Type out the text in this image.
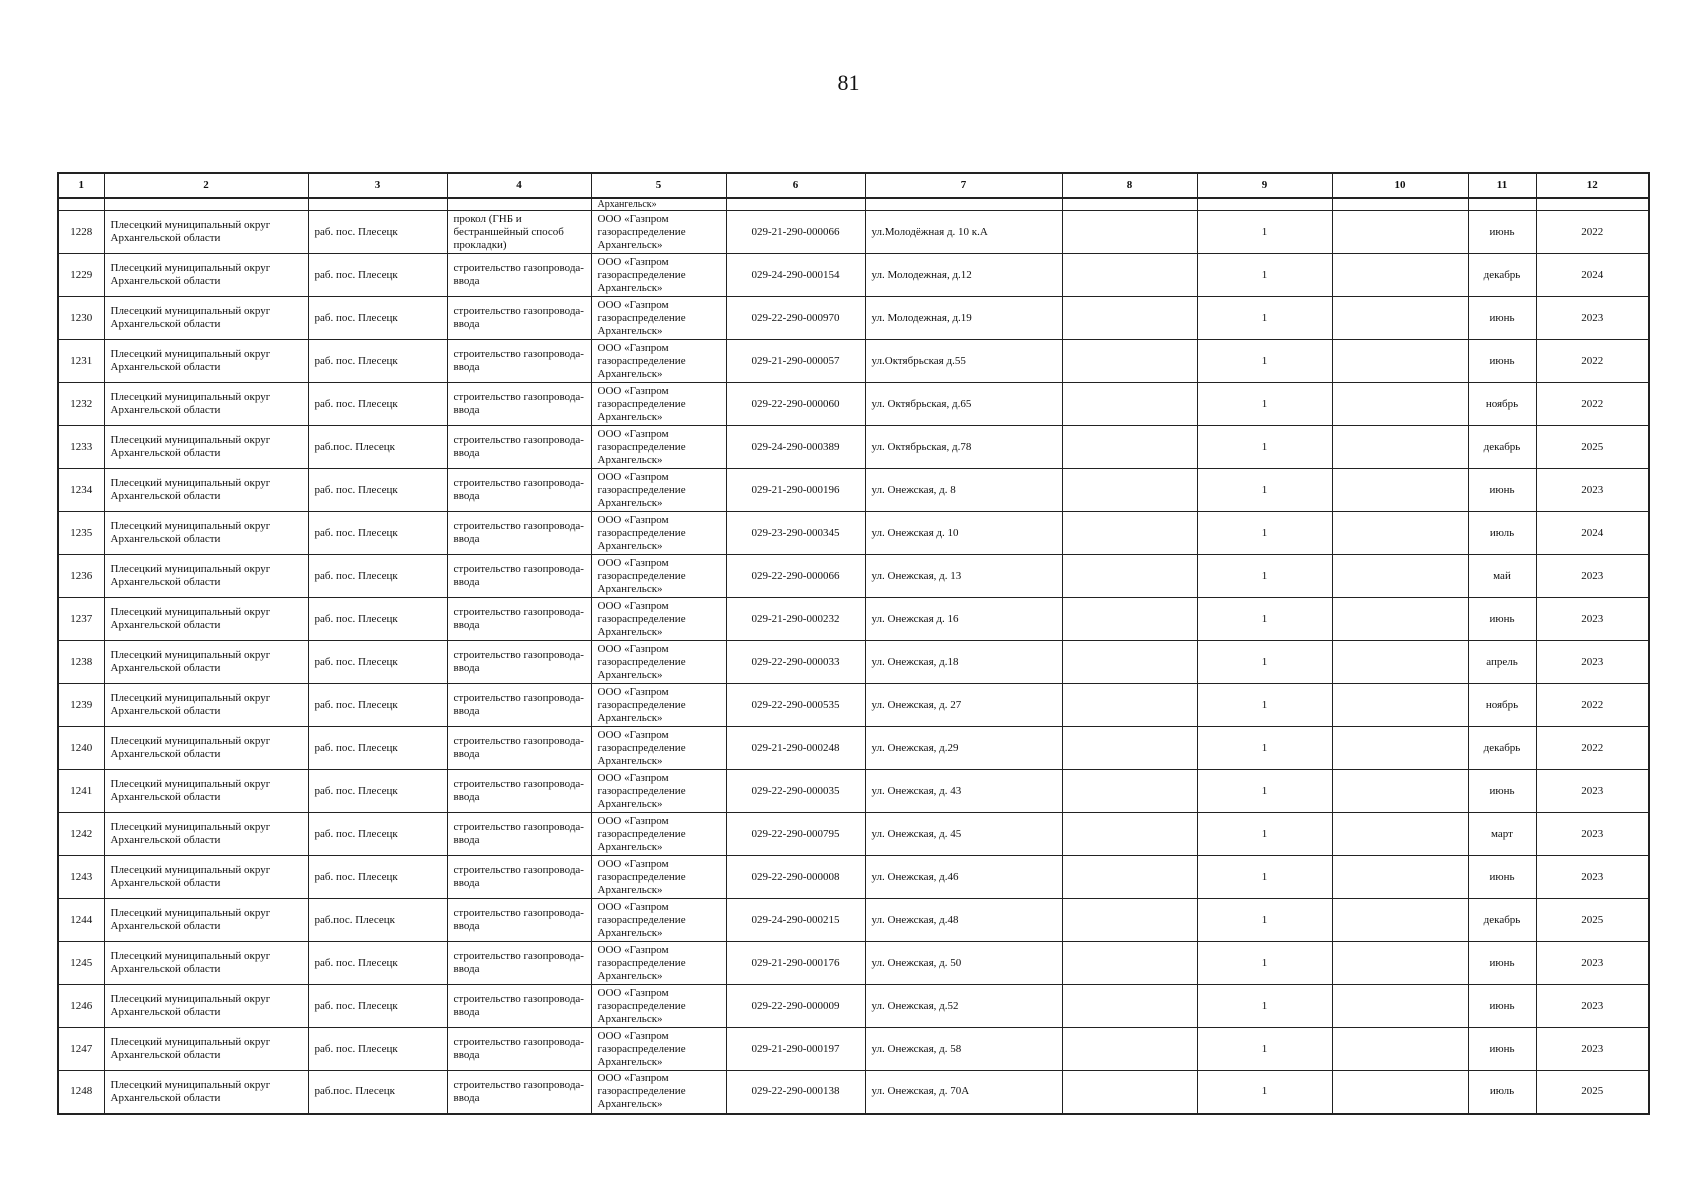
81
1	2	3	4	5	6	7	8	9	10	11	12
				Архангельск»							
1228	Плесецкий муниципальный округ Архангельской области	раб. пос. Плесецк	прокол (ГНБ и бестраншейный способ прокладки)	ООО «Газпром газораспределение Архангельск»	029-21-290-000066	ул.Молодёжная д. 10 к.А		1		июнь	2022
1229	Плесецкий муниципальный округ Архангельской области	раб. пос. Плесецк	строительство газопровода-ввода	ООО «Газпром газораспределение Архангельск»	029-24-290-000154	ул. Молодежная, д.12		1		декабрь	2024
1230	Плесецкий муниципальный округ Архангельской области	раб. пос. Плесецк	строительство газопровода-ввода	ООО «Газпром газораспределение Архангельск»	029-22-290-000970	ул. Молодежная, д.19		1		июнь	2023
1231	Плесецкий муниципальный округ Архангельской области	раб. пос. Плесецк	строительство газопровода-ввода	ООО «Газпром газораспределение Архангельск»	029-21-290-000057	ул.Октябрьская д.55		1		июнь	2022
1232	Плесецкий муниципальный округ Архангельской области	раб. пос. Плесецк	строительство газопровода-ввода	ООО «Газпром газораспределение Архангельск»	029-22-290-000060	ул. Октябрьская, д.65		1		ноябрь	2022
1233	Плесецкий муниципальный округ Архангельской области	раб.пос. Плесецк	строительство газопровода-ввода	ООО «Газпром газораспределение Архангельск»	029-24-290-000389	ул. Октябрьская, д.78		1		декабрь	2025
1234	Плесецкий муниципальный округ Архангельской области	раб. пос. Плесецк	строительство газопровода-ввода	ООО «Газпром газораспределение Архангельск»	029-21-290-000196	ул. Онежская, д. 8		1		июнь	2023
1235	Плесецкий муниципальный округ Архангельской области	раб. пос. Плесецк	строительство газопровода-ввода	ООО «Газпром газораспределение Архангельск»	029-23-290-000345	ул. Онежская д. 10		1		июль	2024
1236	Плесецкий муниципальный округ Архангельской области	раб. пос. Плесецк	строительство газопровода-ввода	ООО «Газпром газораспределение Архангельск»	029-22-290-000066	ул. Онежская, д. 13		1		май	2023
1237	Плесецкий муниципальный округ Архангельской области	раб. пос. Плесецк	строительство газопровода-ввода	ООО «Газпром газораспределение Архангельск»	029-21-290-000232	ул. Онежская д. 16		1		июнь	2023
1238	Плесецкий муниципальный округ Архангельской области	раб. пос. Плесецк	строительство газопровода-ввода	ООО «Газпром газораспределение Архангельск»	029-22-290-000033	ул. Онежская, д.18		1		апрель	2023
1239	Плесецкий муниципальный округ Архангельской области	раб. пос. Плесецк	строительство газопровода-ввода	ООО «Газпром газораспределение Архангельск»	029-22-290-000535	ул. Онежская, д. 27		1		ноябрь	2022
1240	Плесецкий муниципальный округ Архангельской области	раб. пос. Плесецк	строительство газопровода-ввода	ООО «Газпром газораспределение Архангельск»	029-21-290-000248	ул. Онежская, д.29		1		декабрь	2022
1241	Плесецкий муниципальный округ Архангельской области	раб. пос. Плесецк	строительство газопровода-ввода	ООО «Газпром газораспределение Архангельск»	029-22-290-000035	ул. Онежская, д. 43		1		июнь	2023
1242	Плесецкий муниципальный округ Архангельской области	раб. пос. Плесецк	строительство газопровода-ввода	ООО «Газпром газораспределение Архангельск»	029-22-290-000795	ул. Онежская, д. 45		1		март	2023
1243	Плесецкий муниципальный округ Архангельской области	раб. пос. Плесецк	строительство газопровода-ввода	ООО «Газпром газораспределение Архангельск»	029-22-290-000008	ул. Онежская, д.46		1		июнь	2023
1244	Плесецкий муниципальный округ Архангельской области	раб.пос. Плесецк	строительство газопровода-ввода	ООО «Газпром газораспределение Архангельск»	029-24-290-000215	ул. Онежская, д.48		1		декабрь	2025
1245	Плесецкий муниципальный округ Архангельской области	раб. пос. Плесецк	строительство газопровода-ввода	ООО «Газпром газораспределение Архангельск»	029-21-290-000176	ул. Онежская, д. 50		1		июнь	2023
1246	Плесецкий муниципальный округ Архангельской области	раб. пос. Плесецк	строительство газопровода-ввода	ООО «Газпром газораспределение Архангельск»	029-22-290-000009	ул. Онежская, д.52		1		июнь	2023
1247	Плесецкий муниципальный округ Архангельской области	раб. пос. Плесецк	строительство газопровода-ввода	ООО «Газпром газораспределение Архангельск»	029-21-290-000197	ул. Онежская, д. 58		1		июнь	2023
1248	Плесецкий муниципальный округ Архангельской области	раб.пос. Плесецк	строительство газопровода-ввода	ООО «Газпром газораспределение Архангельск»	029-22-290-000138	ул. Онежская, д. 70А		1		июль	2025
